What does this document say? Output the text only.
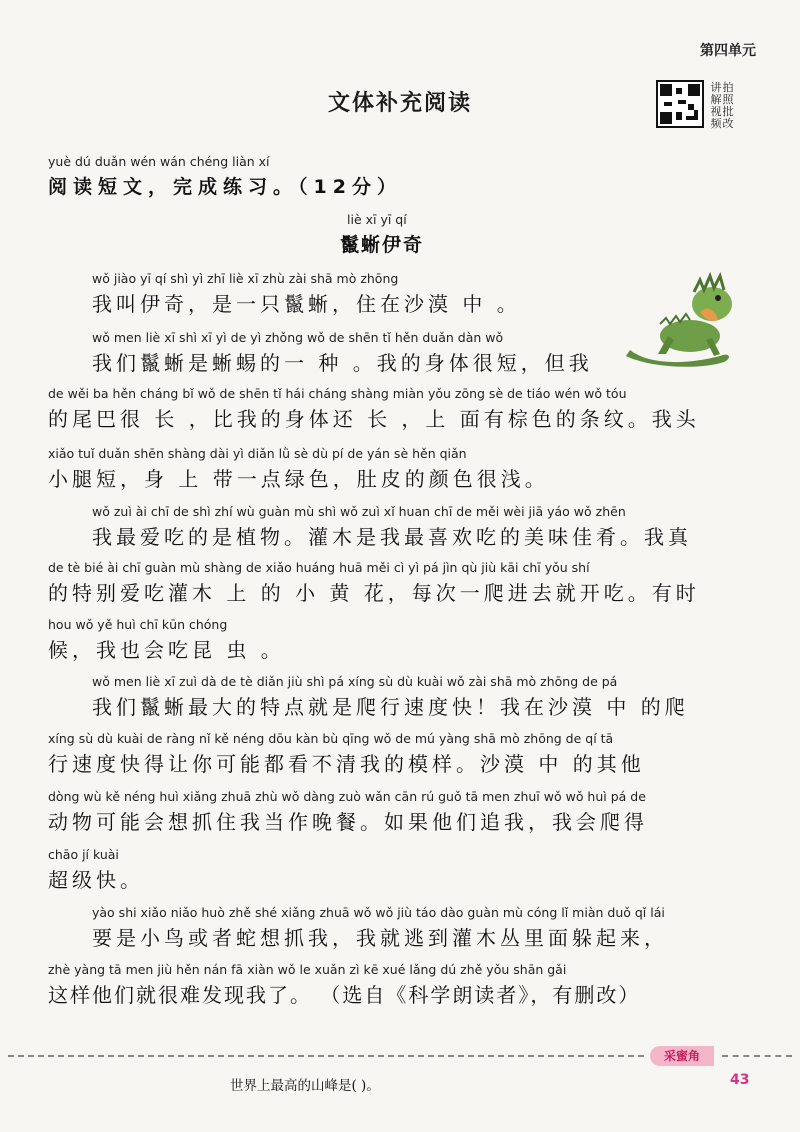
第四单元
讲拍
解照
视批
频改
文体补充阅读
yuè dú duǎn wén wán chéng liàn xí
阅读短文，完成练习。（12分）
liè xī yī qí
鬣蜥伊奇
wǒ jiào yī qí shì yì zhī liè xī zhù zài shā mò zhōng
我叫伊奇，是一只鬣蜥，住在沙漠 中 。
wǒ men liè xī shì xī yì de yì zhǒng wǒ de shēn tǐ hěn duǎn dàn wǒ
我们鬣蜥是蜥蜴的一 种 。我的身体很短，但我
de wěi ba hěn cháng bǐ wǒ de shēn tǐ hái cháng shàng miàn yǒu zōng sè de tiáo wén wǒ tóu
的尾巴很 长 ，比我的身体还 长 ，上 面有棕色的条纹。我头
xiǎo tuǐ duǎn shēn shàng dài yì diǎn lǜ sè dù pí de yán sè hěn qiǎn
小腿短，身 上 带一点绿色，肚皮的颜色很浅。
wǒ zuì ài chī de shì zhí wù guàn mù shì wǒ zuì xǐ huan chī de měi wèi jiā yáo wǒ zhēn
我最爱吃的是植物。灌木是我最喜欢吃的美味佳肴。我真
de tè bié ài chī guàn mù shàng de xiǎo huáng huā měi cì yì pá jìn qù jiù kāi chī yǒu shí
的特别爱吃灌木 上 的 小 黄 花，每次一爬进去就开吃。有时
hou wǒ yě huì chī kūn chóng
候，我也会吃昆 虫 。
wǒ men liè xī zuì dà de tè diǎn jiù shì pá xíng sù dù kuài wǒ zài shā mò zhōng de pá
我们鬣蜥最大的特点就是爬行速度快！我在沙漠 中 的爬
xíng sù dù kuài de ràng nǐ kě néng dōu kàn bù qīng wǒ de mú yàng shā mò zhōng de qí tā
行速度快得让你可能都看不清我的模样。沙漠 中 的其他
dòng wù kě néng huì xiǎng zhuā zhù wǒ dàng zuò wǎn cān rú guǒ tā men zhuī wǒ wǒ huì pá de
动物可能会想抓住我当作晚餐。如果他们追我，我会爬得
chāo jí kuài
超级快。
yào shi xiǎo niǎo huò zhě shé xiǎng zhuā wǒ wǒ jiù táo dào guàn mù cóng lǐ miàn duǒ qǐ lái
要是小鸟或者蛇想抓我，我就逃到灌木丛里面躲起来，
zhè yàng tā men jiù hěn nán fā xiàn wǒ le xuǎn zì kē xué lǎng dú zhě yǒu shān gǎi
这样他们就很难发现我了。 （选自《科学朗读者》，有删改）
采蜜角
世界上最高的山峰是( )。	43
